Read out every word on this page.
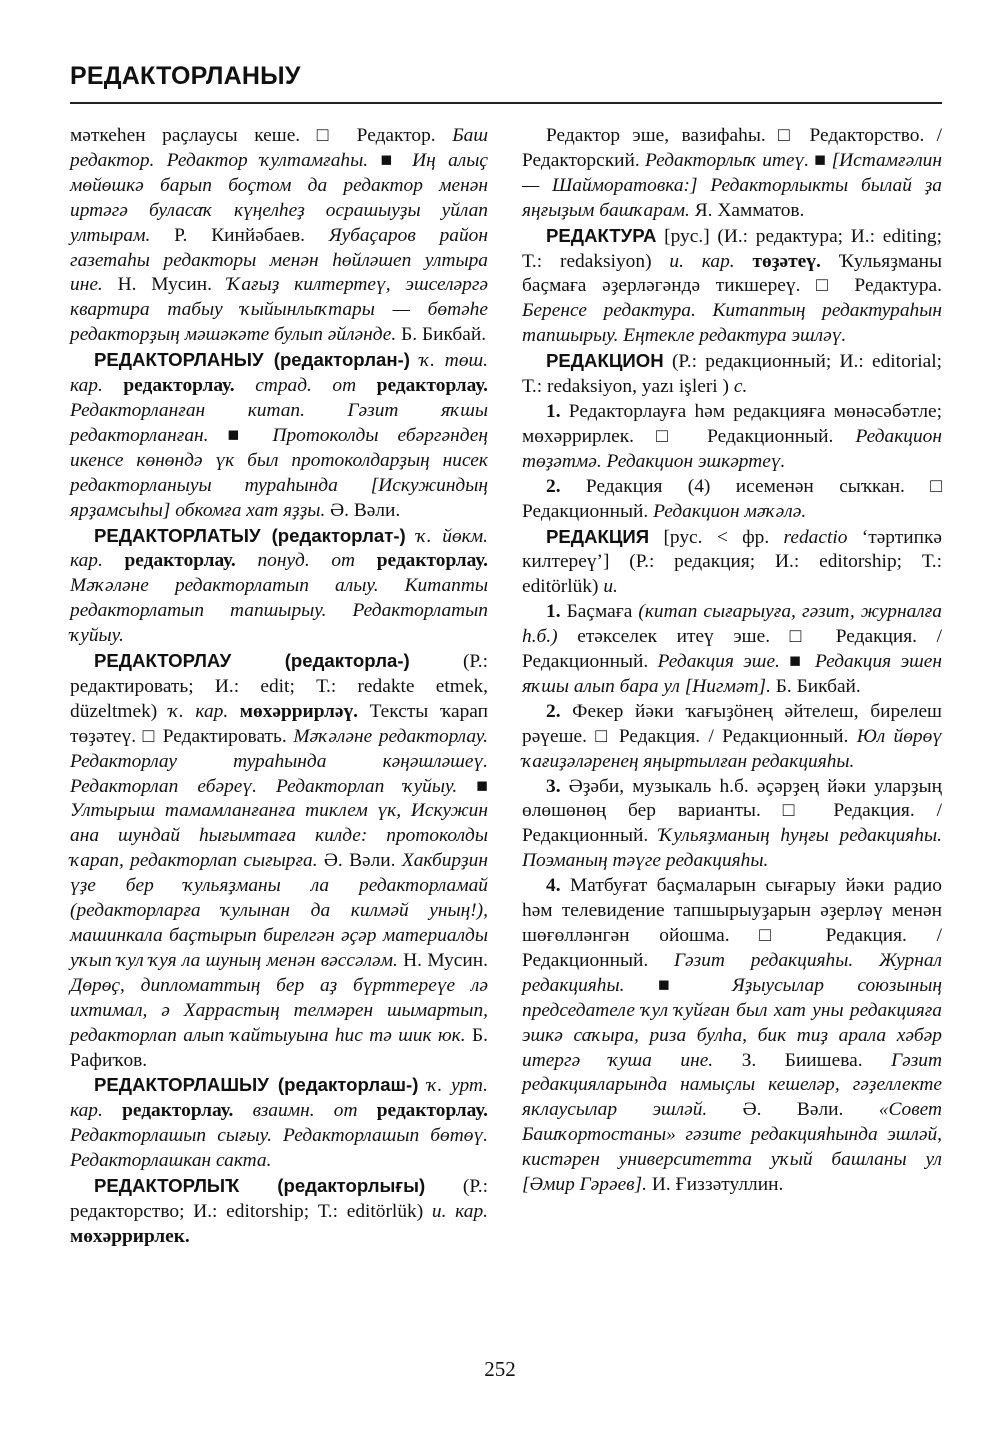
РЕДАКТОРЛАНЫУ

мәткеһен раҫлаусы кеше. □ Редактор. Баш редактор. Редактор ҡултамғаһы. ■ Иң алыҫ мөйөшкә барып боҫтом да редактор менән иртәгә буласаҡ күңелһеҙ осрашыуҙы уйлап ултырам. Р. Кинйәбаев. Яубаҫаров район газетаһы редакторы менән һөйләшеп ултыра ине. Н. Мусин. Ҡағыҙ килтертеү, эшселәргә квартира табыу ҡыйынлыҡтары — бөтәһе редакторҙың мәшәкәте булып әйләнде. Б. Бикбай.

РЕДАКТОРЛАНЫУ (редакторлан-) ҡ. төш. кар. редакторлау. страд. от редакторлау. Редакторланған китап. Гәзит яҡшы редакторланған. ■ Протоколды ебәргәндең икенсе көнөндә үк был протоколдарҙың нисек редакторланыуы тураһында [Искужиндың ярҙамсыһы] обкомға хат яҙҙы. Ә. Вәли.

РЕДАКТОРЛАТЫУ (редакторлат-) ҡ. йөкм. кар. редакторлау. понуд. от редакторлау. Мәҡәләне редакторлатып алыу. Китапты редакторлатып тапшырыу. Редакторлатып ҡуйыу.

РЕДАКТОРЛАУ (редакторла-) (Р.: редактировать; И.: edit; Т.: redakte etmek, düzeltmek) ҡ. кар. мөхәррирләү. Тексты ҡарап төҙәтеү. □ Редактировать. Мәҡәләне редакторлау. Редакторлау тураһында кәңәшләшеү. Редакторлап ебәреү. Редакторлап ҡуйыу. ■ Ултырыш тамамланғанға тиклем үк, Искужин ана шундай һығымтаға килде: протоколды ҡарап, редакторлап сығырға. Ә. Вәли. Хакбирҙин үҙе бер ҡульяҙманы ла редакторламай (редакторларға ҡулынан да килмәй уның!), машинкала баҫтырып бирелгән әҫәр материалды уҡып ҡул ҡуя ла шуның менән вәссәләм. Н. Мусин. Дөрөҫ, дипломаттың бер аҙ бүрттереүе лә ихтимал, ә Харрастың телмәрен шымартып, редакторлап алып ҡайтыуына һис тә шик юк. Б. Рафиҡов.

РЕДАКТОРЛАШЫУ (редакторлаш-) ҡ. урт. кар. редакторлау. взаимн. от редакторлау. Редакторлашып сығыу. Редакторлашып бөтөү. Редакторлашкан сакта.

РЕДАКТОРЛЫҠ (редакторлығы) (Р.: редакторство; И.: editorship; Т.: editörlük) и. кар. мөхәррирлек.

Редактор эше, вазифаһы. □ Редакторство. / Редакторский. Редакторлыҡ итеү. ■ [Истамғәлин — Шайморатовка:] Редакторлыкты былай ҙа яңғыҙым башҡарам. Я. Хамматов.

РЕДАКТУРА [рус.] (И.: редактура; И.: editing; Т.: redaksiyon) и. кар. төҙәтеү. Ҡульяҙманы баҫмаға әҙерләгәндә тикшереү. □ Редактура. Беренсе редактура. Китаптың редактураһын тапшырыу. Еңтекле редактура эшләү.

РЕДАКЦИОН (Р.: редакционный; И.: editorial; Т.: redaksiyon, yazı işleri ) с.

1. Редакторлауға һәм редакцияға мөнәсәбәтле; мөхәррирлек. □ Редакционный. Редакцион төҙәтмә. Редакцион эшкәртеү.

2. Редакция (4) исеменән сыҡкан. □ Редакционный. Редакцион мәҡәлә.

РЕДАКЦИЯ [рус. < фр. redactio ‘тәртипкә килтереү’] (Р.: редакция; И.: editorship; Т.: editörlük) и.

1. Баҫмаға (китап сығарыуға, гәзит, журналға һ.б.) етәкселек итеү эше. □ Редакция. / Редакционный. Редакция эше. ■ Редакция эшен яҡшы алып бара ул [Нигмәт]. Б. Бикбай.

2. Фекер йәки ҡағыҙӧнең әйтелеш, бирелеш рәүеше. □ Редакция. / Редакционный. Юл йөрөү ҡағиҙәләренең яңыртылған редакцияһы.

3. Әҙәби, музыкаль һ.б. әҫәрҙең йәки уларҙың өлөшөнөң бер варианты. □ Редакция. / Редакционный. Ҡульяҙманың һуңғы редакцияһы. Поэманың тәүге редакцияһы.

4. Матбуғат баҫмаларын сығарыу йәки радио һәм телевидение тапшырыуҙарын әҙерләү менән шөғөлләнгән ойошма. □ Редакция. / Редакционный. Гәзит редакцияһы. Журнал редакцияһы. ■ Яҙыусылар союзының председателе ҡул ҡуйған был хат уны редакцияға эшкә саҡыра, риза булһа, бик тиҙ арала хәбәр итергә ҡуша ине. З. Биишева. Гәзит редакцияларында намыҫлы кешеләр, гәҙеллекте яклаусылар эшләй. Ә. Вәли. «Совет Башҡортостаны» гәзите редакцияһында эшләй, кистәрен университетта уҡый башланы ул [Әмир Гәрәев]. И. Ғиззәтуллин.

252
